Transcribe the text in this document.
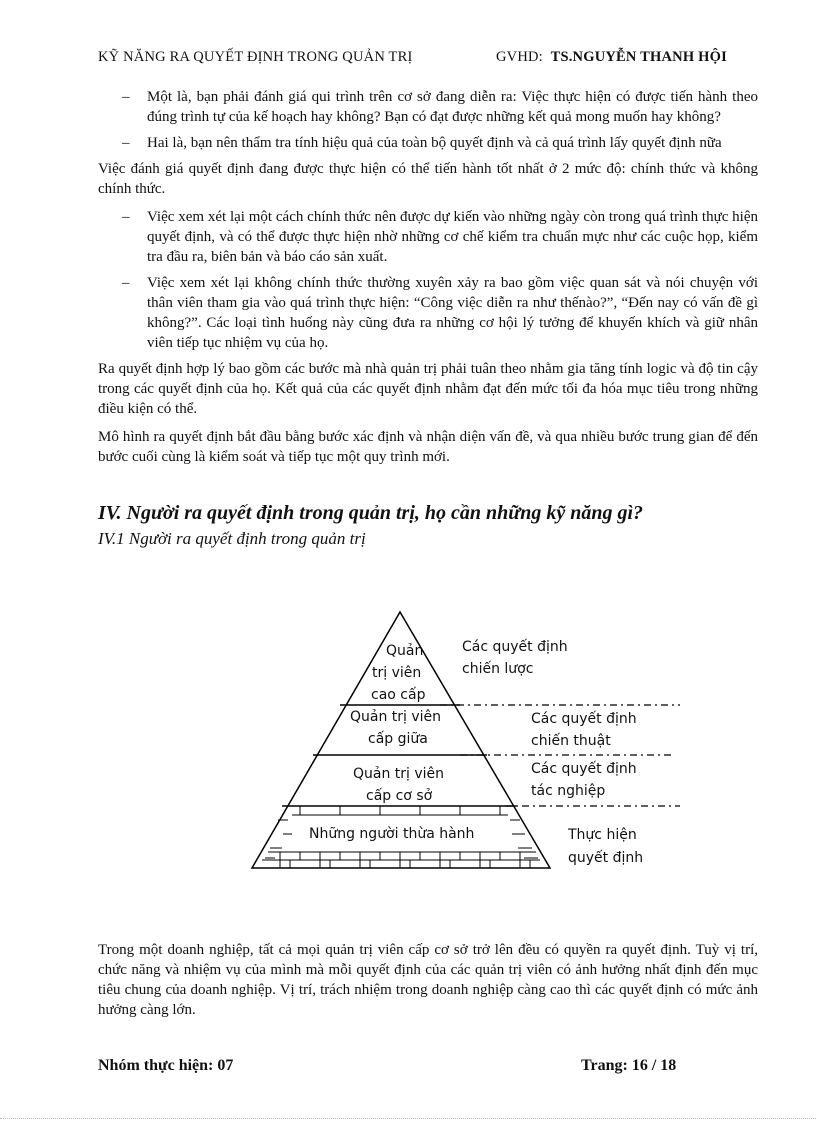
KỸ NĂNG RA QUYẾT ĐỊNH TRONG QUẢN TRỊ	GVHD: TS.NGUYỄN THANH HỘI
– Một là, bạn phải đánh giá qui trình trên cơ sở đang diễn ra: Việc thực hiện có được tiến hành theo đúng trình tự của kế hoạch hay không? Bạn có đạt được những kết quả mong muốn hay không?
– Hai là, bạn nên thẩm tra tính hiệu quả của toàn bộ quyết định và cả quá trình lấy quyết định nữa

Việc đánh giá quyết định đang được thực hiện có thể tiến hành tốt nhất ở 2 mức độ: chính thức và không chính thức.

– Việc xem xét lại một cách chính thức nên được dự kiến vào những ngày còn trong quá trình thực hiện quyết định, và có thể được thực hiện nhờ những cơ chế kiểm tra chuẩn mực như các cuộc họp, kiểm tra đầu ra, biên bản và báo cáo sản xuất.
– Việc xem xét lại không chính thức thường xuyên xảy ra bao gồm việc quan sát và nói chuyện với thân viên tham gia vào quá trình thực hiện: “Công việc diễn ra như thếnào?”, “Đến nay có vấn đề gì không?”. Các loại tình huống này cũng đưa ra những cơ hội lý tưởng để khuyến khích và giữ nhân viên tiếp tục nhiệm vụ của họ.

Ra quyết định hợp lý bao gồm các bước mà nhà quản trị phải tuân theo nhằm gia tăng tính logic và độ tin cậy trong các quyết định của họ. Kết quả của các quyết định nhằm đạt đến mức tối đa hóa mục tiêu trong những điều kiện có thể.

Mô hình ra quyết định bắt đầu bằng bước xác định và nhận diện vấn đề, và qua nhiều bước trung gian để đến bước cuối cùng là kiểm soát và tiếp tục một quy trình mới.

IV. Người ra quyết định trong quản trị, họ cần những kỹ năng gì?
IV.1 Người ra quyết định trong quản trị
Quản
trị viên
cao cấp
Quản trị viên
cấp giữa
Quản trị viên
cấp cơ sở
Những người thừa hành
Các quyết định
chiến lược
Các quyết định
chiến thuật
Các quyết định
tác nghiệp
Thực hiện
quyết định

Trong một doanh nghiệp, tất cả mọi quản trị viên cấp cơ sở trở lên đều có quyền ra quyết định. Tuỳ vị trí, chức năng và nhiệm vụ của mình mà mỗi quyết định của các quản trị viên có ảnh hưởng nhất định đến mục tiêu chung của doanh nghiệp. Vị trí, trách nhiệm trong doanh nghiệp càng cao thì các quyết định có mức ảnh hưởng càng lớn.

Nhóm thực hiện: 07	Trang: 16 / 18
